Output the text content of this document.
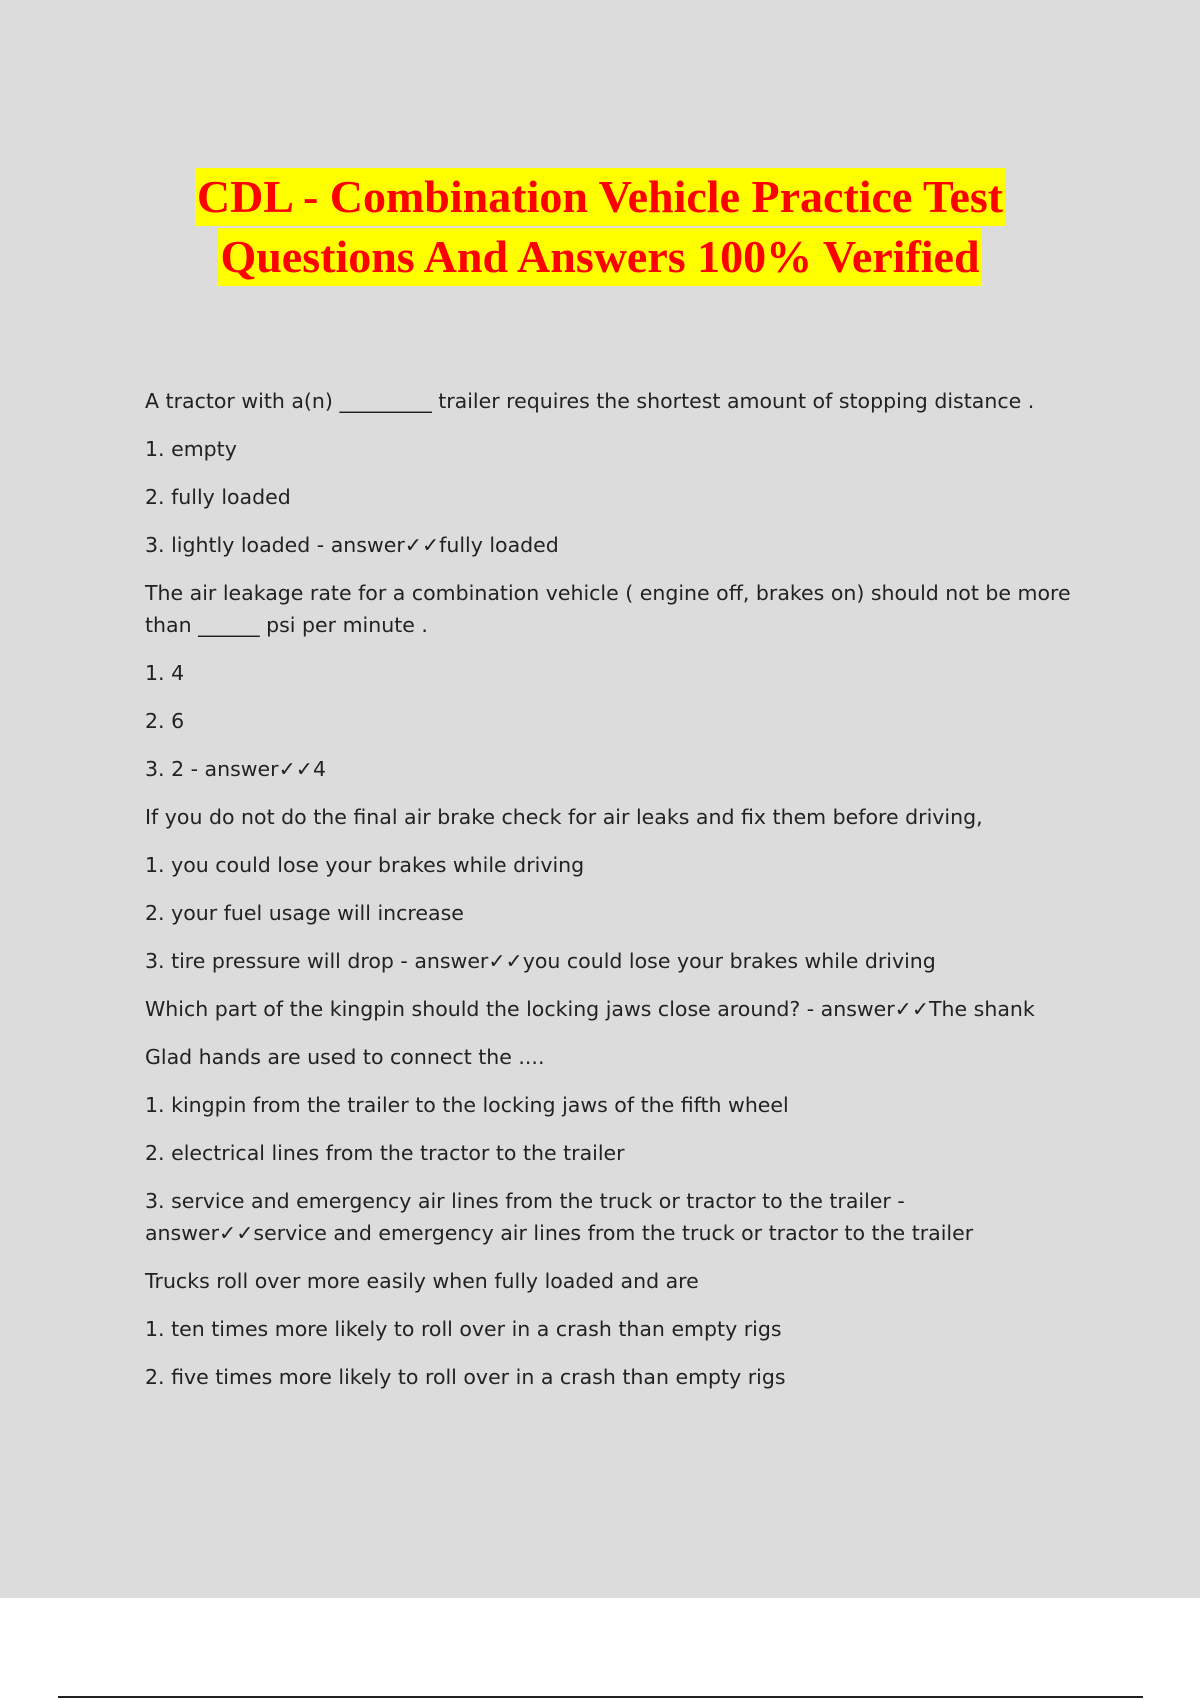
CDL - Combination Vehicle Practice Test
Questions And Answers 100% Verified
A tractor with a(n) _________ trailer requires the shortest amount of stopping distance .
1. empty
2. fully loaded
3. lightly loaded - answer✓✓fully loaded
The air leakage rate for a combination vehicle ( engine off, brakes on) should not be more than ______ psi per minute .
1. 4
2. 6
3. 2 - answer✓✓4
If you do not do the final air brake check for air leaks and fix them before driving,
1. you could lose your brakes while driving
2. your fuel usage will increase
3. tire pressure will drop - answer✓✓you could lose your brakes while driving
Which part of the kingpin should the locking jaws close around? - answer✓✓The shank
Glad hands are used to connect the ....
1. kingpin from the trailer to the locking jaws of the fifth wheel
2. electrical lines from the tractor to the trailer
3. service and emergency air lines from the truck or tractor to the trailer - answer✓✓service and emergency air lines from the truck or tractor to the trailer
Trucks roll over more easily when fully loaded and are
1. ten times more likely to roll over in a crash than empty rigs
2. five times more likely to roll over in a crash than empty rigs
